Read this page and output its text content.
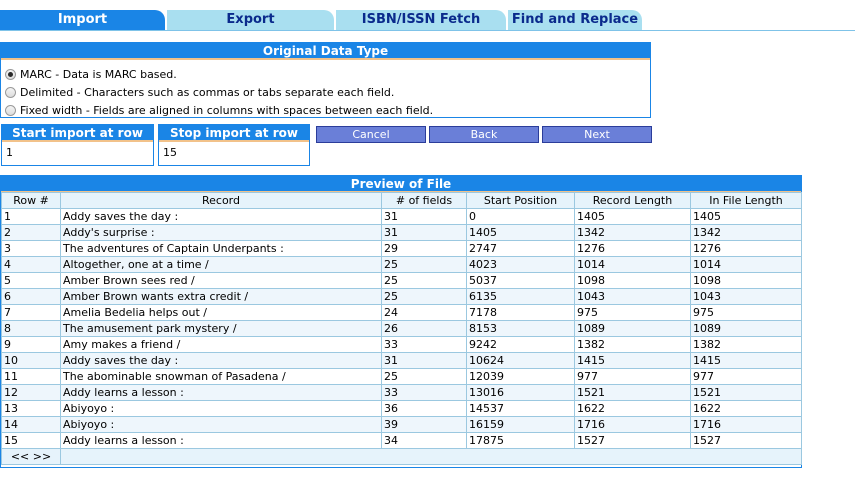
Import	Export	ISBN/ISSN Fetch	Find and Replace
Original Data Type
MARC - Data is MARC based.
Delimited - Characters such as commas or tabs separate each field.
Fixed width - Fields are aligned in columns with spaces between each field.
Start import at row
1	Stop import at row
15	Cancel	Back	Next
Preview of File
Row #	Record	# of fields	Start Position	Record Length	In File Length
1	Addy saves the day :	31	0	1405	1405
2	Addy's surprise :	31	1405	1342	1342
3	The adventures of Captain Underpants :	29	2747	1276	1276
4	Altogether, one at a time /	25	4023	1014	1014
5	Amber Brown sees red /	25	5037	1098	1098
6	Amber Brown wants extra credit /	25	6135	1043	1043
7	Amelia Bedelia helps out /	24	7178	975	975
8	The amusement park mystery /	26	8153	1089	1089
9	Amy makes a friend /	33	9242	1382	1382
10	Addy saves the day :	31	10624	1415	1415
11	The abominable snowman of Pasadena /	25	12039	977	977
12	Addy learns a lesson :	33	13016	1521	1521
13	Abiyoyo :	36	14537	1622	1622
14	Abiyoyo :	39	16159	1716	1716
15	Addy learns a lesson :	34	17875	1527	1527
<< >>					
